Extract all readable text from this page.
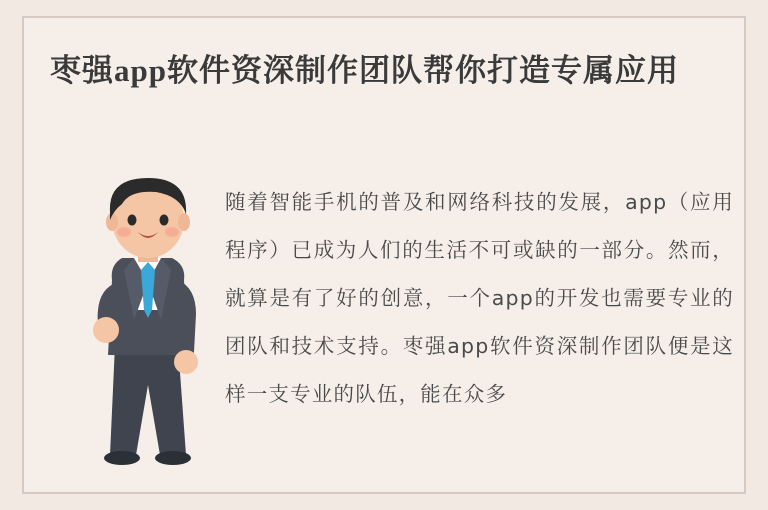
枣强app软件资深制作团队帮你打造专属应用
随着智能手机的普及和网络科技的发展，app（应用程序）已成为人们的生活不可或缺的一部分。然而，就算是有了好的创意，一个app的开发也需要专业的团队和技术支持。枣强app软件资深制作团队便是这样一支专业的队伍，能在众多
